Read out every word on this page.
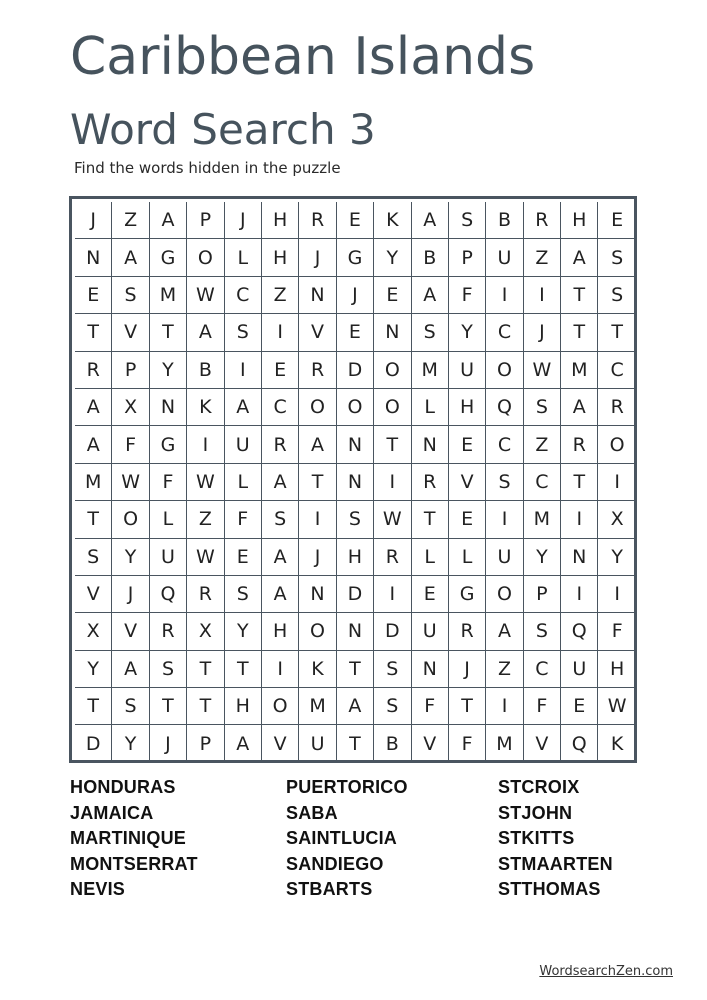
Caribbean Islands
Word Search 3
Find the words hidden in the puzzle
J	Z	A	P	J	H	R	E	K	A	S	B	R	H	E
N	A	G	O	L	H	J	G	Y	B	P	U	Z	A	S
E	S	M	W	C	Z	N	J	E	A	F	I	I	T	S
T	V	T	A	S	I	V	E	N	S	Y	C	J	T	T
R	P	Y	B	I	E	R	D	O	M	U	O	W	M	C
A	X	N	K	A	C	O	O	O	L	H	Q	S	A	R
A	F	G	I	U	R	A	N	T	N	E	C	Z	R	O
M	W	F	W	L	A	T	N	I	R	V	S	C	T	I
T	O	L	Z	F	S	I	S	W	T	E	I	M	I	X
S	Y	U	W	E	A	J	H	R	L	L	U	Y	N	Y
V	J	Q	R	S	A	N	D	I	E	G	O	P	I	I
X	V	R	X	Y	H	O	N	D	U	R	A	S	Q	F
Y	A	S	T	T	I	K	T	S	N	J	Z	C	U	H
T	S	T	T	H	O	M	A	S	F	T	I	F	E	W
D	Y	J	P	A	V	U	T	B	V	F	M	V	Q	K
HONDURAS
JAMAICA
MARTINIQUE
MONTSERRAT
NEVIS
PUERTORICO
SABA
SAINTLUCIA
SANDIEGO
STBARTS
STCROIX
STJOHN
STKITTS
STMAARTEN
STTHOMAS
WordsearchZen.com
